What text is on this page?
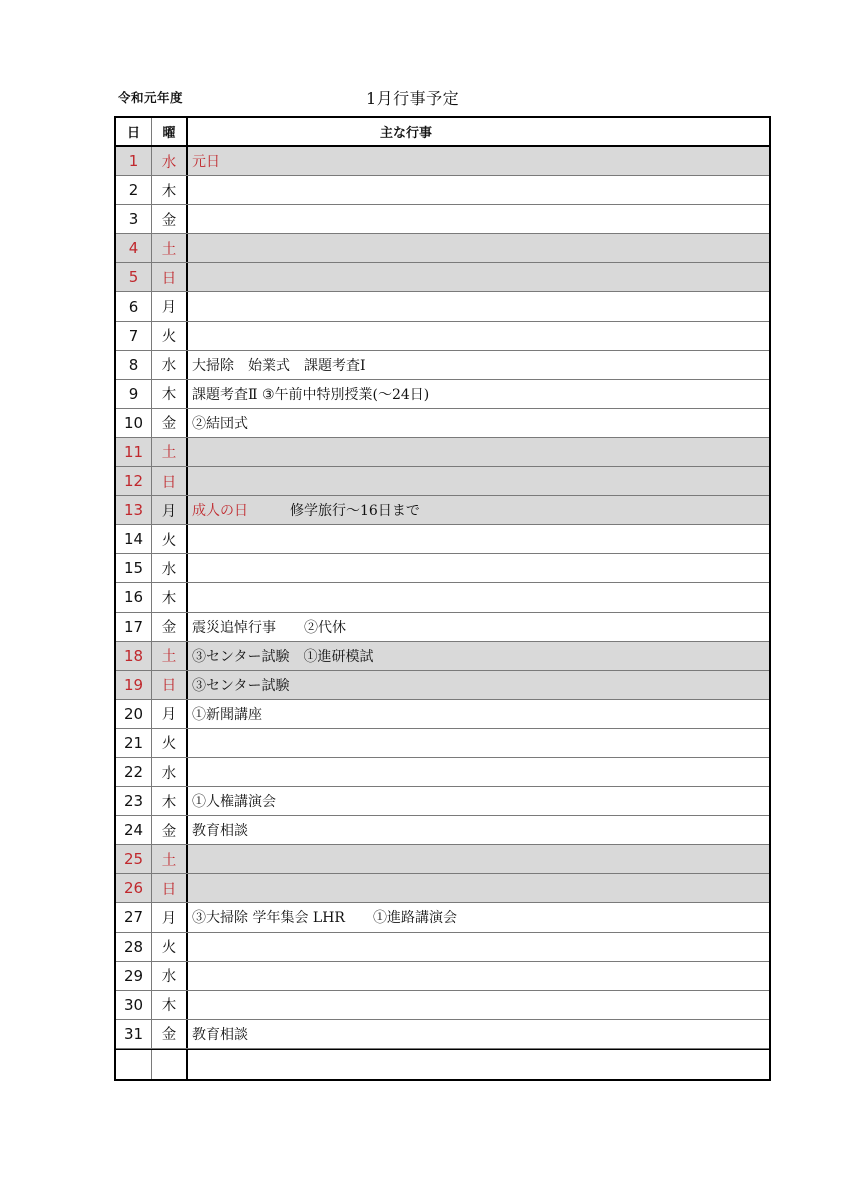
令和元年度	1月行事予定
日	曜	主な行事
1	水	元日
2	木
3	金
4	土
5	日
6	月
7	火
8	水	大掃除　始業式　課題考査Ⅰ
9	木	課題考査Ⅱ ③午前中特別授業(～24日)
10	金	②結団式
11	土
12	日
13	月	成人の日 　　　修学旅行～16日まで
14	火
15	水
16	木
17	金	震災追悼行事　　②代休
18	土	③センター試験　①進研模試
19	日	③センター試験
20	月	①新聞講座
21	火
22	水
23	木	①人権講演会
24	金	教育相談
25	土
26	日
27	月	③大掃除 学年集会 LHR　　①進路講演会
28	火
29	水
30	木
31	金	教育相談
